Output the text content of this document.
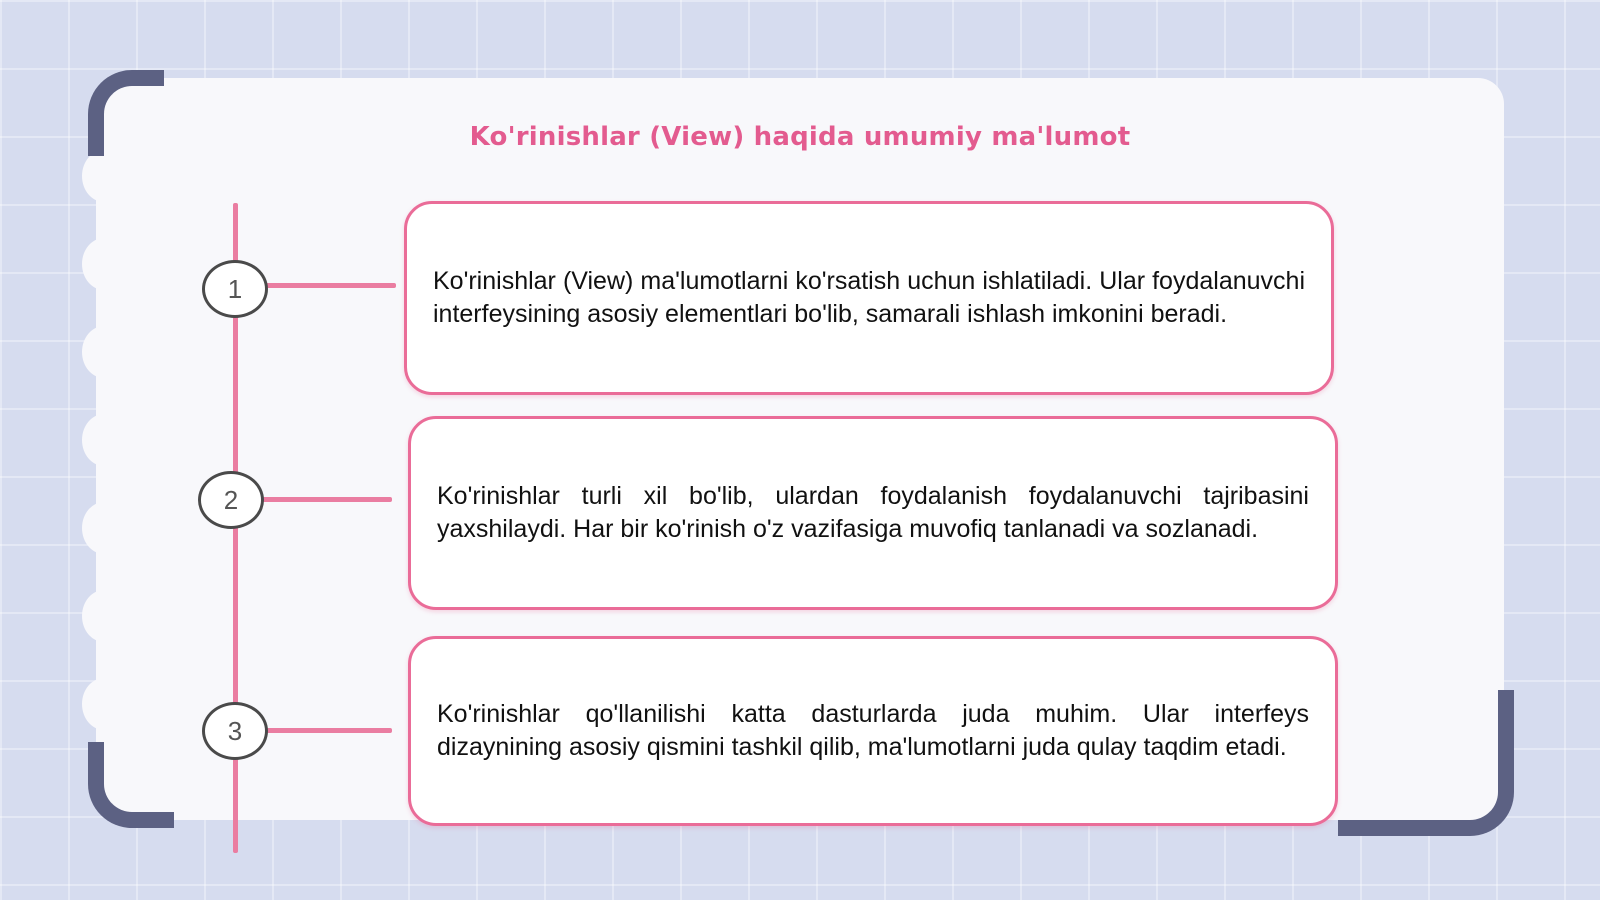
Ko'rinishlar (View) haqida umumiy ma'lumot
1
2
3
Ko'rinishlar (View) ma'lumotlarni ko'rsatish uchun ishlatiladi. Ular foydalanuvchi interfeysining asosiy elementlari bo'lib, samarali ishlash imkonini beradi.
Ko'rinishlar turli xil bo'lib, ulardan foydalanish foydalanuvchi tajribasini yaxshilaydi. Har bir ko'rinish o'z vazifasiga muvofiq tanlanadi va sozlanadi.
Ko'rinishlar qo'llanilishi katta dasturlarda juda muhim. Ular interfeys dizaynining asosiy qismini tashkil qilib, ma'lumotlarni juda qulay taqdim etadi.
